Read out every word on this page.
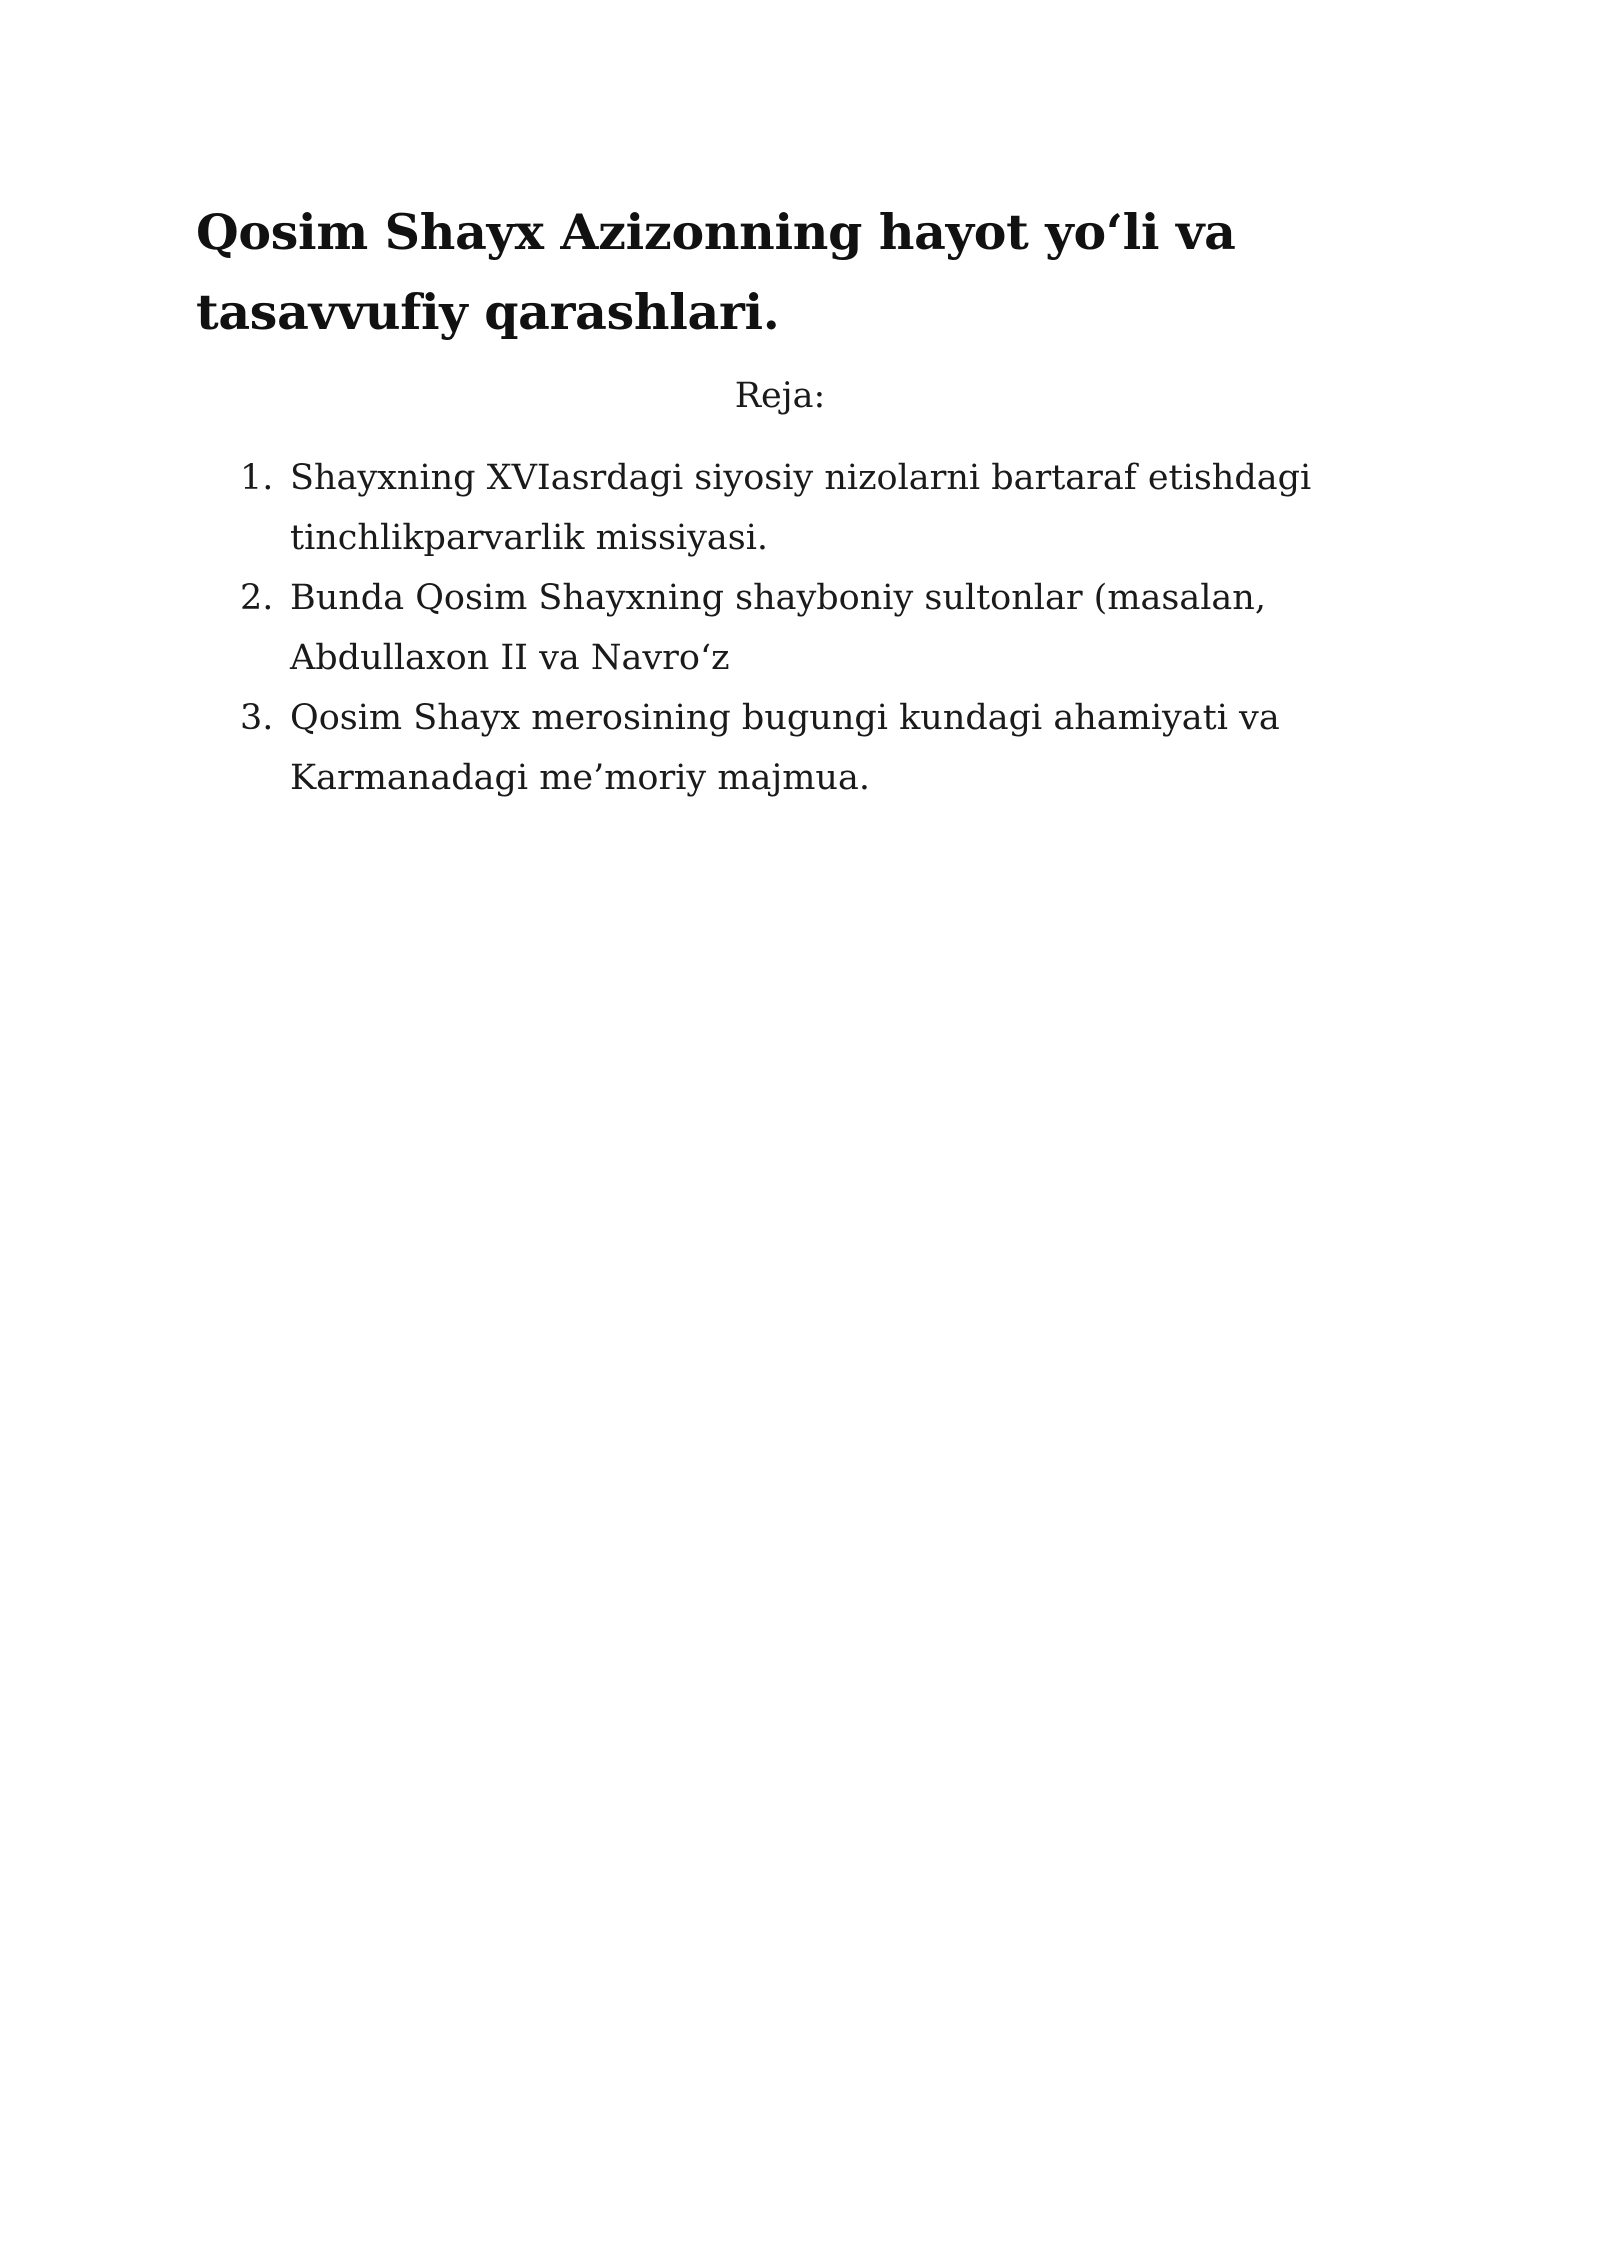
Qosim Shayx Azizonning hayot yo‘li va tasavvufiy qarashlari.

Reja:

1. Shayxning XVIasrdagi siyosiy nizolarni bartaraf etishdagi tinchlikparvarlik missiyasi.
2. Bunda Qosim Shayxning shayboniy sultonlar (masalan, Abdullaxon II va Navro‘z
3. Qosim Shayx merosining bugungi kundagi ahamiyati va Karmanadagi me’moriy majmua.
